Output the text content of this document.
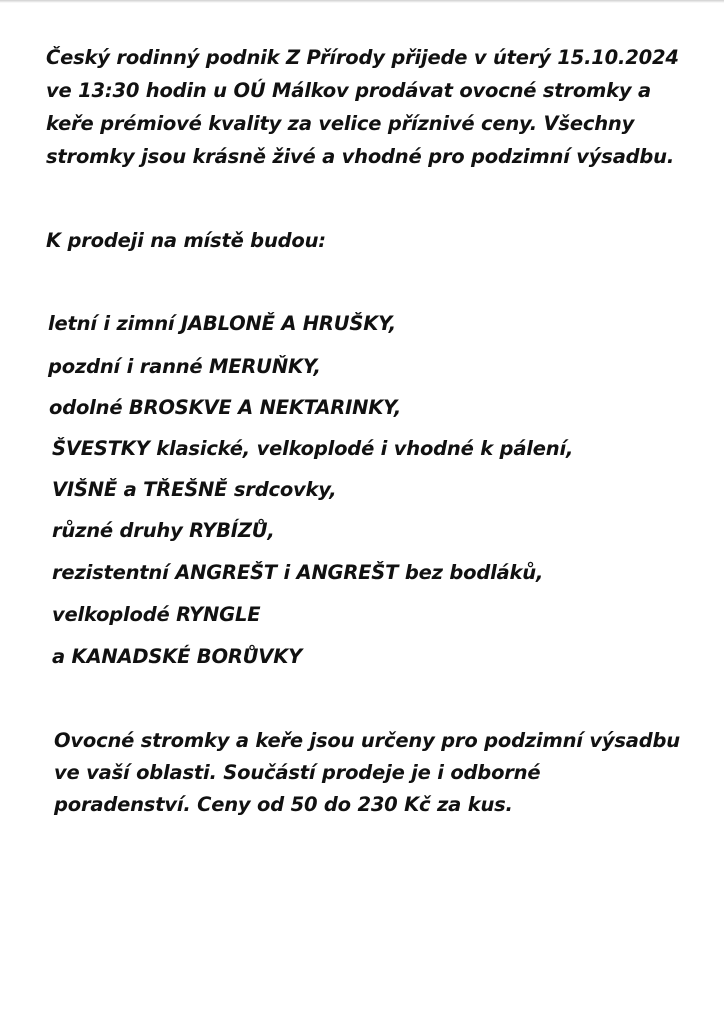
Český rodinný podnik Z Přírody přijede v úterý 15.10.2024
ve 13:30 hodin u OÚ Málkov prodávat ovocné stromky a
keře prémiové kvality za velice příznivé ceny. Všechny
stromky jsou krásně živé a vhodné pro podzimní výsadbu.
K prodeji na místě budou:
letní i zimní JABLONĚ A HRUŠKY,
pozdní i ranné MERUŇKY,
odolné BROSKVE A NEKTARINKY,
ŠVESTKY klasické, velkoplodé i vhodné k pálení,
VIŠNĚ a TŘEŠNĚ srdcovky,
různé druhy RYBÍZŮ,
rezistentní ANGREŠT i ANGREŠT bez bodláků,
velkoplodé RYNGLE
a KANADSKÉ BORŮVKY
Ovocné stromky a keře jsou určeny pro podzimní výsadbu
ve vaší oblasti. Součástí prodeje je i odborné
poradenství. Ceny od 50 do 230 Kč za kus.
